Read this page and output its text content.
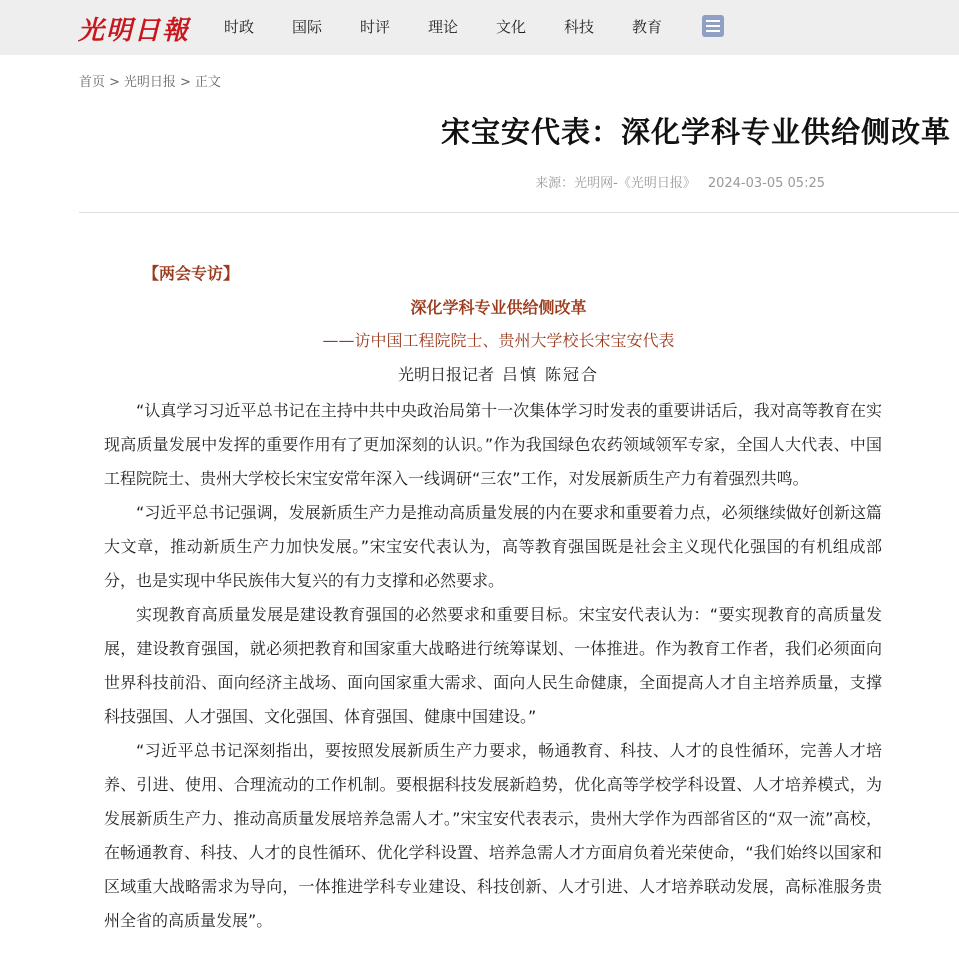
光明日報 时政	国际	时评	理论	文化	科技	教育
首页 > 光明日报 > 正文
宋宝安代表：深化学科专业供给侧改革
来源：光明网-《光明日报》 2024-03-05 05:25
【两会专访】
深化学科专业供给侧改革
——访中国工程院院士、贵州大学校长宋宝安代表
光明日报记者 吕慎 陈冠合

“认真学习习近平总书记在主持中共中央政治局第十一次集体学习时发表的重要讲话后，我对高等教育在实现高质量发展中发挥的重要作用有了更加深刻的认识。”作为我国绿色农药领域领军专家，全国人大代表、中国工程院院士、贵州大学校长宋宝安常年深入一线调研“三农”工作，对发展新质生产力有着强烈共鸣。

“习近平总书记强调，发展新质生产力是推动高质量发展的内在要求和重要着力点，必须继续做好创新这篇大文章，推动新质生产力加快发展。”宋宝安代表认为，高等教育强国既是社会主义现代化强国的有机组成部分，也是实现中华民族伟大复兴的有力支撑和必然要求。

实现教育高质量发展是建设教育强国的必然要求和重要目标。宋宝安代表认为：“要实现教育的高质量发展，建设教育强国，就必须把教育和国家重大战略进行统筹谋划、一体推进。作为教育工作者，我们必须面向世界科技前沿、面向经济主战场、面向国家重大需求、面向人民生命健康，全面提高人才自主培养质量，支撑科技强国、人才强国、文化强国、体育强国、健康中国建设。”

“习近平总书记深刻指出，要按照发展新质生产力要求，畅通教育、科技、人才的良性循环，完善人才培养、引进、使用、合理流动的工作机制。要根据科技发展新趋势，优化高等学校学科设置、人才培养模式，为发展新质生产力、推动高质量发展培养急需人才。”宋宝安代表表示，贵州大学作为西部省区的“双一流”高校，在畅通教育、科技、人才的良性循环、优化学科设置、培养急需人才方面肩负着光荣使命，“我们始终以国家和区域重大战略需求为导向，一体推进学科专业建设、科技创新、人才引进、人才培养联动发展，高标准服务贵州全省的高质量发展”。
